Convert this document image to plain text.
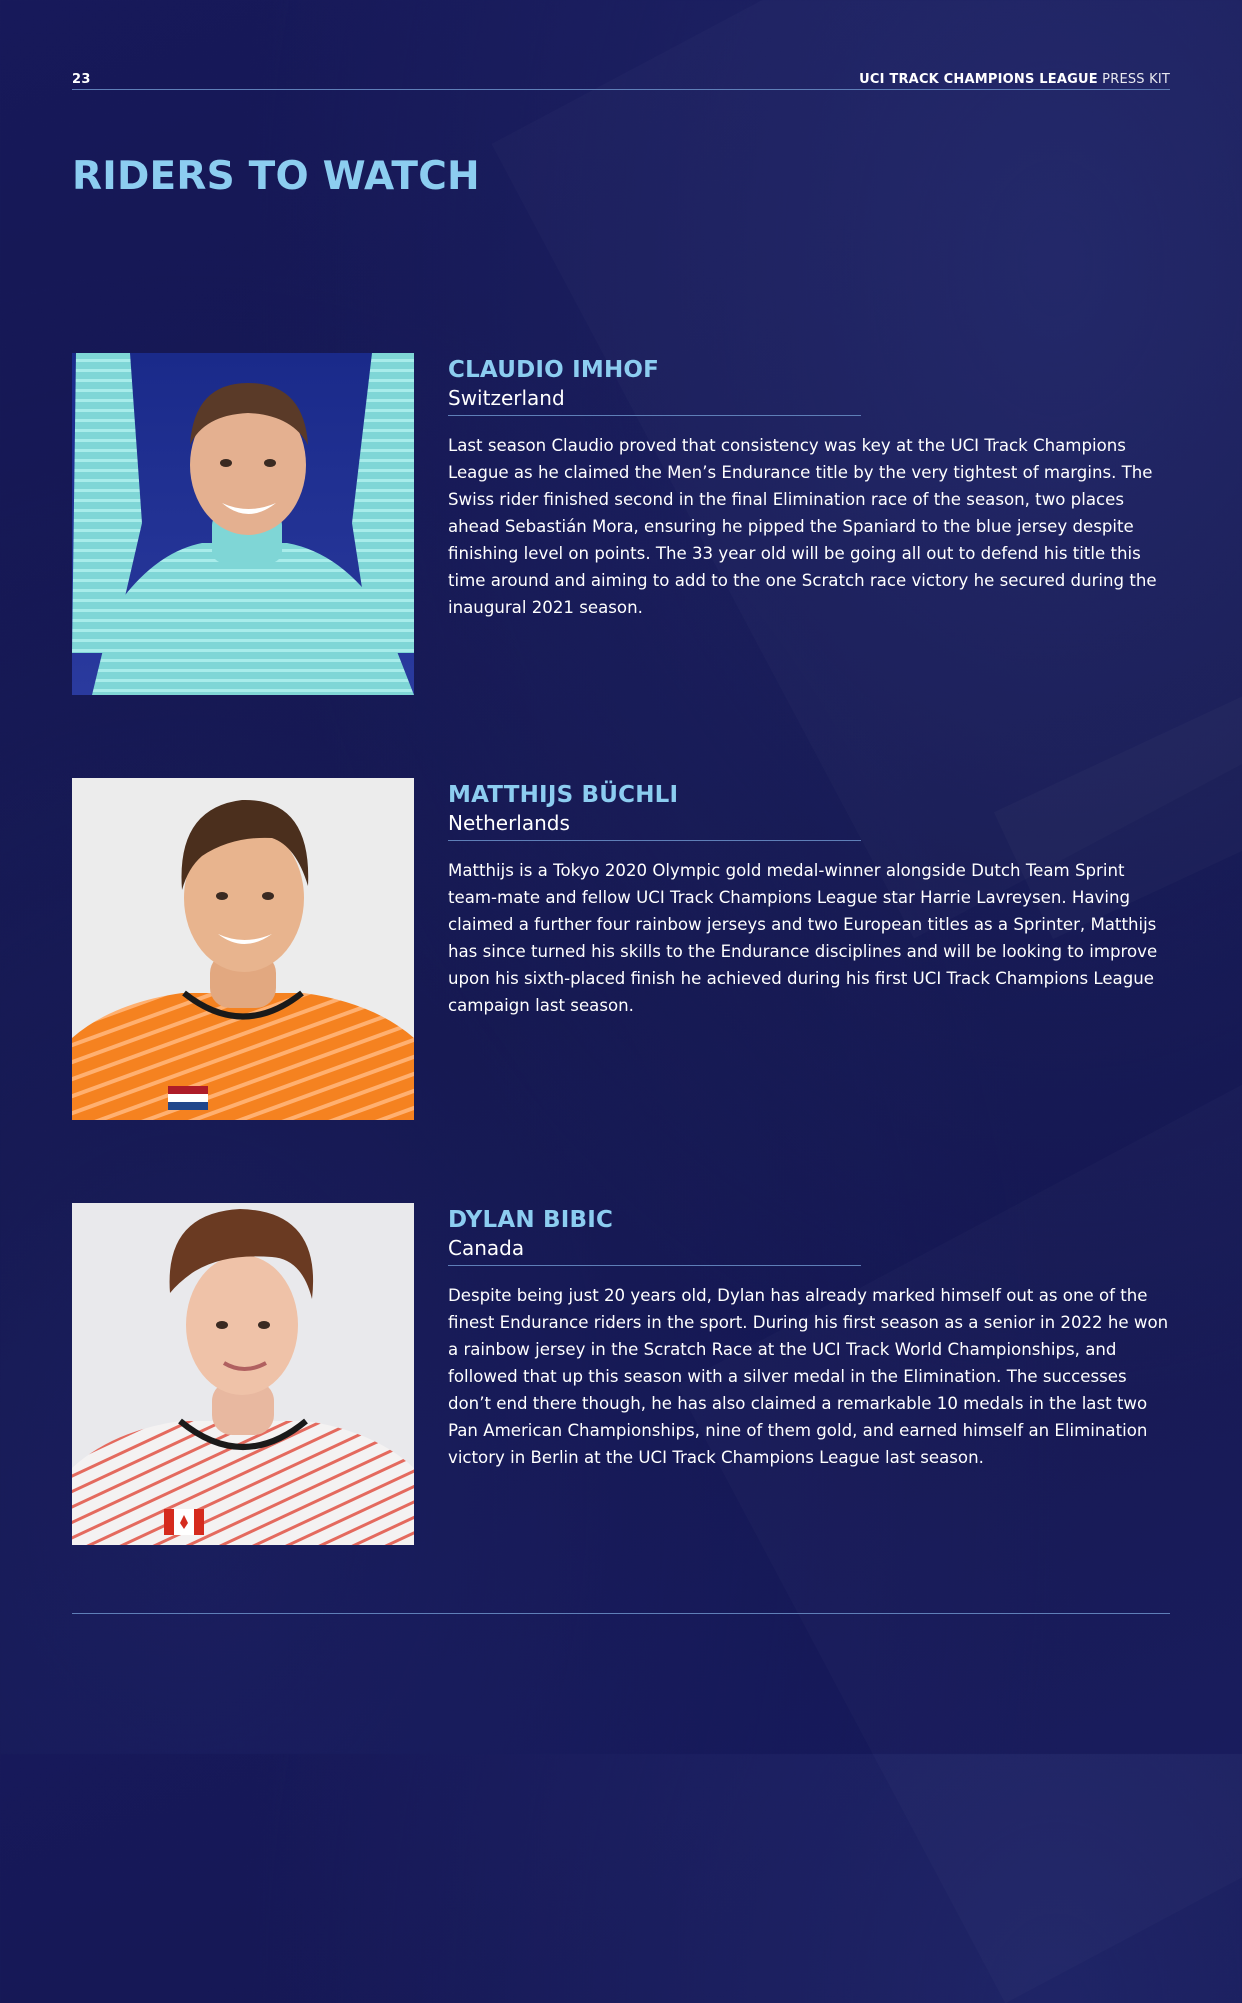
23	UCI TRACK CHAMPIONS LEAGUE PRESS KIT
RIDERS TO WATCH
CLAUDIO IMHOF
Switzerland

Last season Claudio proved that consistency was key at the UCI Track Champions League as he claimed the Men’s Endurance title by the very tightest of margins. The Swiss rider finished second in the final Elimination race of the season, two places ahead Sebastián Mora, ensuring he pipped the Spaniard to the blue jersey despite finishing level on points. The 33 year old will be going all out to defend his title this time around and aiming to add to the one Scratch race victory he secured during the inaugural 2021 season.

MATTHIJS BÜCHLI
Netherlands

Matthijs is a Tokyo 2020 Olympic gold medal-winner alongside Dutch Team Sprint team-mate and fellow UCI Track Champions League star Harrie Lavreysen. Having claimed a further four rainbow jerseys and two European titles as a Sprinter, Matthijs has since turned his skills to the Endurance disciplines and will be looking to improve upon his sixth-placed finish he achieved during his first UCI Track Champions League campaign last season.

DYLAN BIBIC
Canada

Despite being just 20 years old, Dylan has already marked himself out as one of the finest Endurance riders in the sport. During his first season as a senior in 2022 he won a rainbow jersey in the Scratch Race at the UCI Track World Championships, and followed that up this season with a silver medal in the Elimination. The successes don’t end there though, he has also claimed a remarkable 10 medals in the last two Pan American Championships, nine of them gold, and earned himself an Elimination victory in Berlin at the UCI Track Champions League last season.
